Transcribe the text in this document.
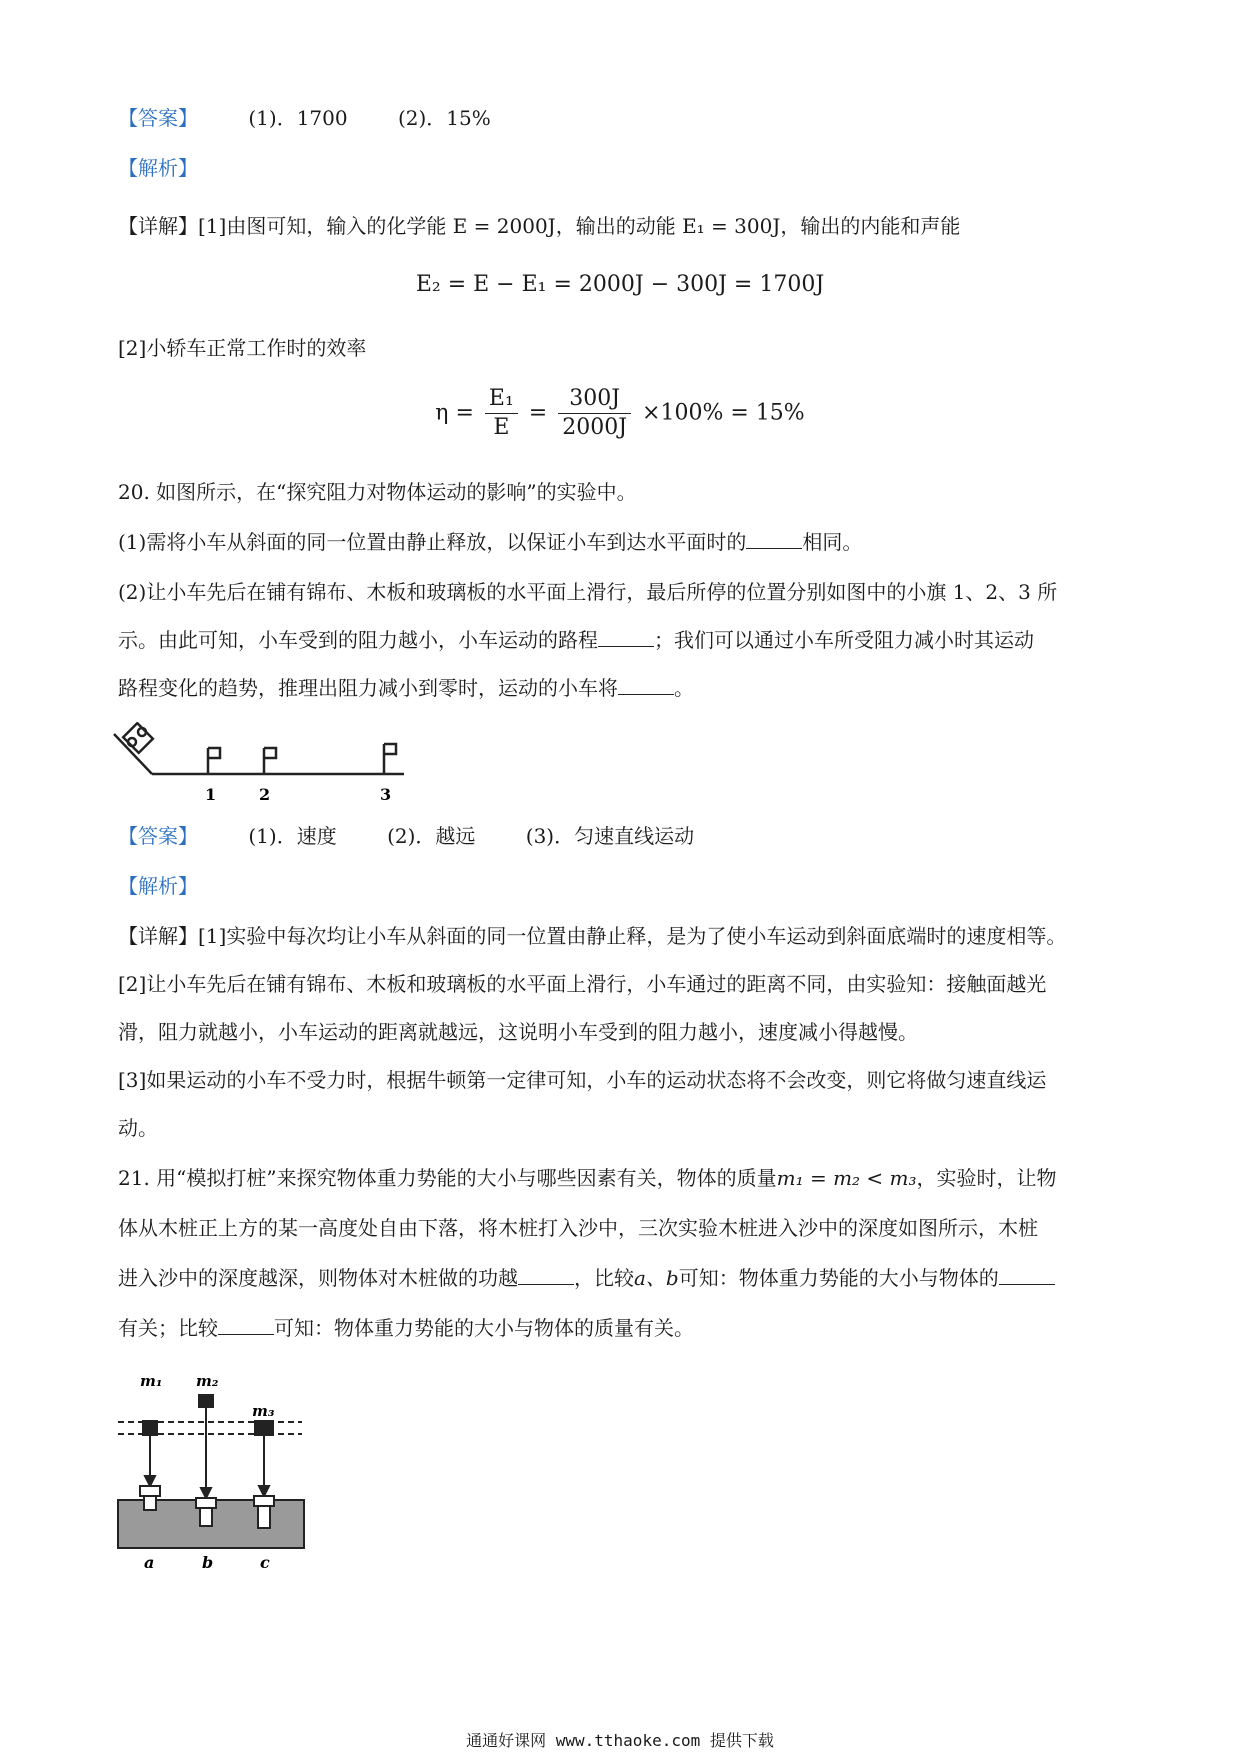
【答案】	(1)．1700	(2)．15%
【解析】
【详解】[1]由图可知，输入的化学能 E = 2000J，输出的动能 E₁ = 300J，输出的内能和声能
E₂ = E − E₁ = 2000J − 300J = 1700J
[2]小轿车正常工作时的效率
$\eta = \frac{\text{E₁}}{E} = \frac{300J}{2000J} \times 100\% = 15\%$
20. 如图所示，在“探究阻力对物体运动的影响”的实验中。
(1)需将小车从斜面的同一位置由静止释放，以保证小车到达水平面时的	相同。
(2)让小车先后在铺有锦布、木板和玻璃板的水平面上滑行，最后所停的位置分别如图中的小旗 1、2、3 所
示。由此可知，小车受到的阻力越小，小车运动的路程	；我们可以通过小车所受阻力减小时其运动
路程变化的趋势，推理出阻力减小到零时，运动的小车将	。
1	2	3
【答案】	(1)．速度	(2)．越远	(3)．匀速直线运动
【解析】
【详解】[1]实验中每次均让小车从斜面的同一位置由静止释，是为了使小车运动到斜面底端时的速度相等。
[2]让小车先后在铺有锦布、木板和玻璃板的水平面上滑行，小车通过的距离不同，由实验知：接触面越光
滑，阻力就越小，小车运动的距离就越远，这说明小车受到的阻力越小，速度减小得越慢。
[3]如果运动的小车不受力时，根据牛顿第一定律可知，小车的运动状态将不会改变，则它将做匀速直线运
动。
21. 用“模拟打桩”来探究物体重力势能的大小与哪些因素有关，物体的质量m₁ = m₂ < m₃，实验时，让物
体从木桩正上方的某一高度处自由下落，将木桩打入沙中，三次实验木桩进入沙中的深度如图所示，木桩
进入沙中的深度越深，则物体对木桩做的功越	，比较a、b可知：物体重力势能的大小与物体的
有关；比较	可知：物体重力势能的大小与物体的质量有关。
m₁ m₂
m₃
a	b	c
通通好课网 www.tthaoke.com 提供下载
